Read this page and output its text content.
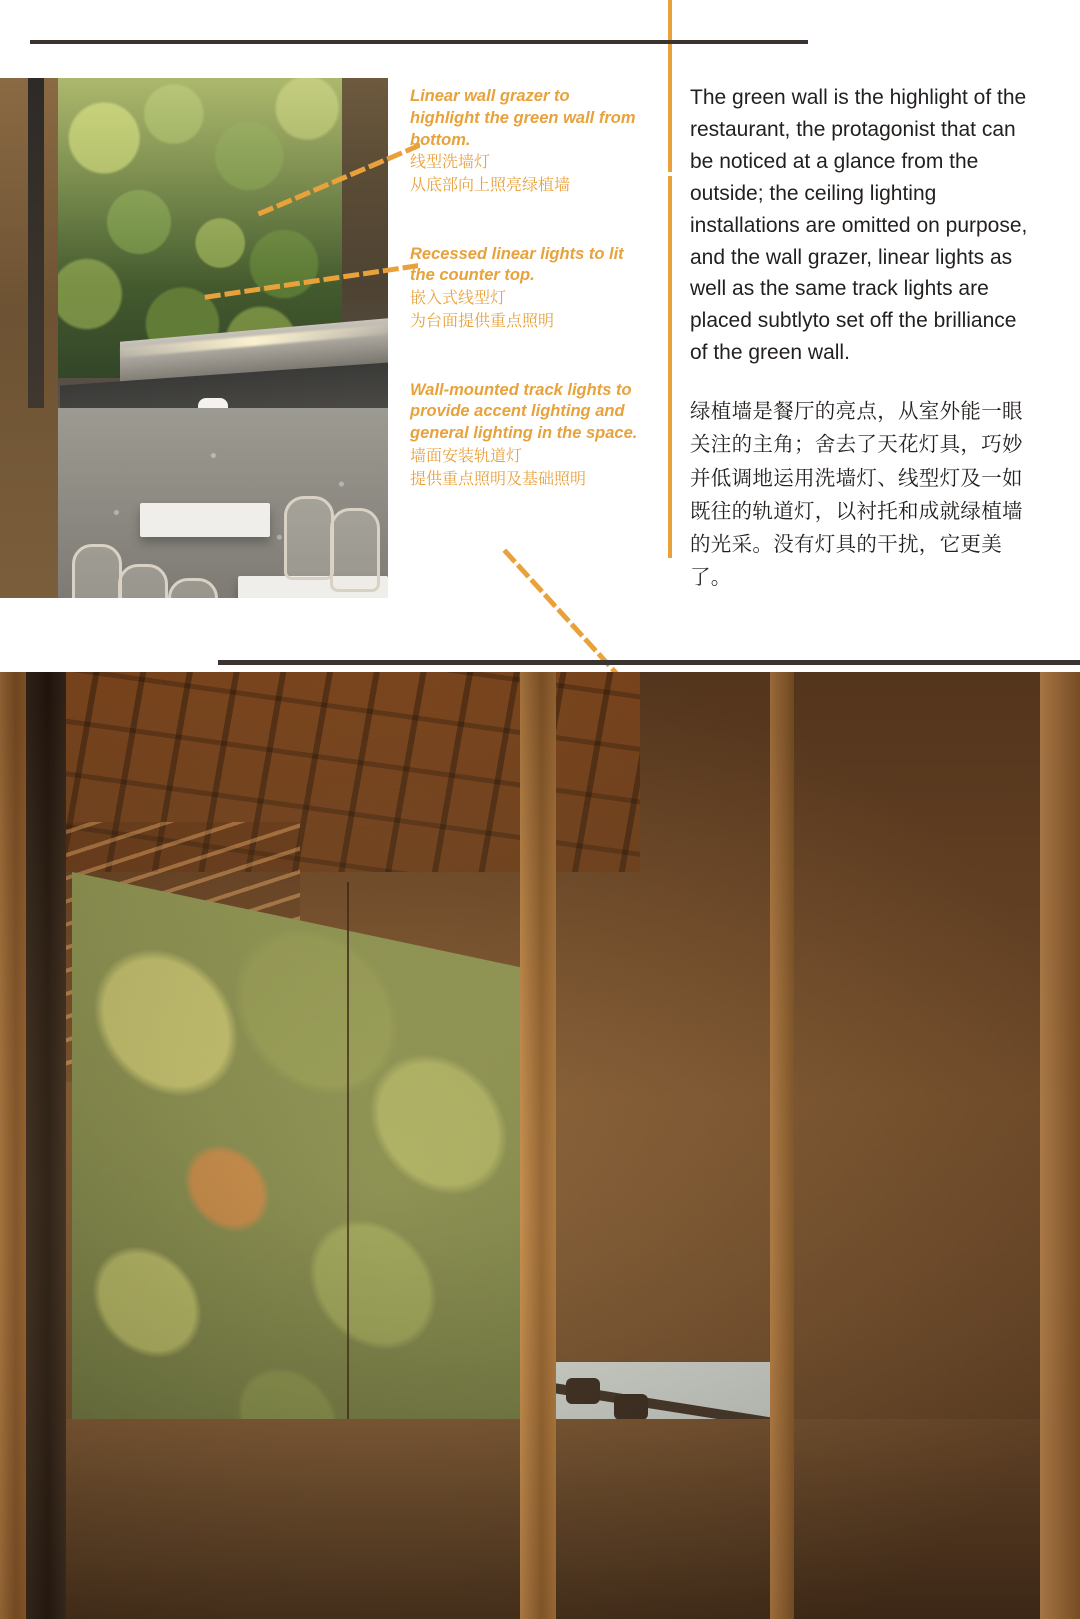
Linear wall grazer to highlight the green wall from bottom.

线型洗墙灯

从底部向上照亮绿植墙

Recessed linear lights to lit the counter top.

嵌入式线型灯

为台面提供重点照明

Wall-mounted track lights to provide accent lighting and general lighting in the space.

墙面安装轨道灯

提供重点照明及基础照明

The green wall is the highlight of the restaurant, the protagonist that can be noticed at a glance from the outside; the ceiling lighting installations are omitted on purpose, and the wall grazer, linear lights as well as the same track lights are placed subtlyto set off the brilliance of the green wall.

绿植墙是餐厅的亮点，从室外能一眼关注的主角；舍去了天花灯具，巧妙并低调地运用洗墙灯、线型灯及一如既往的轨道灯，以衬托和成就绿植墙的光采。没有灯具的干扰，它更美了。
